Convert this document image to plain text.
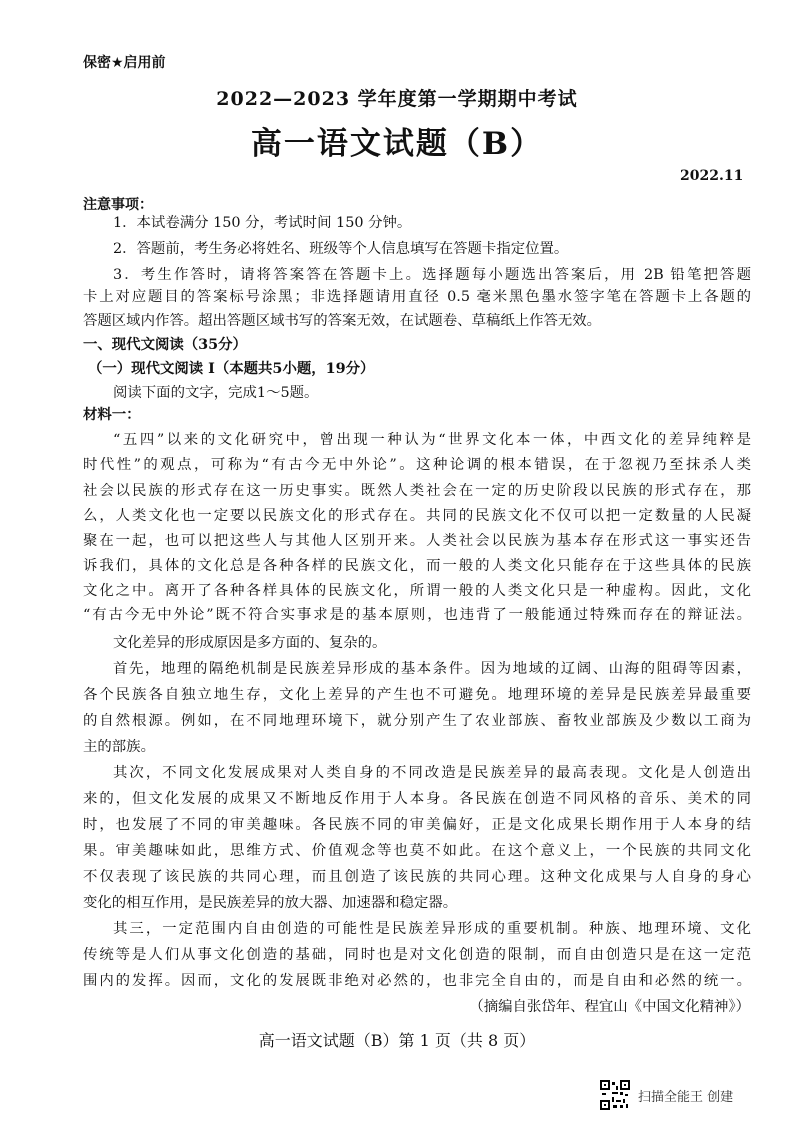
保密★启用前
2022—2023 学年度第一学期期中考试
高一语文试题（B）
2022.11
注意事项：
1．本试卷满分 150 分，考试时间 150 分钟。
2．答题前，考生务必将姓名、班级等个人信息填写在答题卡指定位置。
3．考生作答时，请将答案答在答题卡上。选择题每小题选出答案后，用 2B 铅笔把答题
卡上对应题目的答案标号涂黑；非选择题请用直径 0.5 毫米黑色墨水签字笔在答题卡上各题的
答题区域内作答。超出答题区域书写的答案无效，在试题卷、草稿纸上作答无效。
一、现代文阅读（35分）
（一）现代文阅读 I（本题共5小题，19分）
阅读下面的文字，完成1～5题。
材料一：
“五四”以来的文化研究中，曾出现一种认为“世界文化本一体，中西文化的差异纯粹是
时代性”的观点，可称为“有古今无中外论”。这种论调的根本错误，在于忽视乃至抹杀人类
社会以民族的形式存在这一历史事实。既然人类社会在一定的历史阶段以民族的形式存在，那
么，人类文化也一定要以民族文化的形式存在。共同的民族文化不仅可以把一定数量的人民凝
聚在一起，也可以把这些人与其他人区别开来。人类社会以民族为基本存在形式这一事实还告
诉我们，具体的文化总是各种各样的民族文化，而一般的人类文化只能存在于这些具体的民族
文化之中。离开了各种各样具体的民族文化，所谓一般的人类文化只是一种虚构。因此，文化
“有古今无中外论”既不符合实事求是的基本原则，也违背了一般能通过特殊而存在的辩证法。
文化差异的形成原因是多方面的、复杂的。
首先，地理的隔绝机制是民族差异形成的基本条件。因为地域的辽阔、山海的阻碍等因素，
各个民族各自独立地生存，文化上差异的产生也不可避免。地理环境的差异是民族差异最重要
的自然根源。例如，在不同地理环境下，就分别产生了农业部族、畜牧业部族及少数以工商为
主的部族。
其次，不同文化发展成果对人类自身的不同改造是民族差异的最高表现。文化是人创造出
来的，但文化发展的成果又不断地反作用于人本身。各民族在创造不同风格的音乐、美术的同
时，也发展了不同的审美趣味。各民族不同的审美偏好，正是文化成果长期作用于人本身的结
果。审美趣味如此，思维方式、价值观念等也莫不如此。在这个意义上，一个民族的共同文化
不仅表现了该民族的共同心理，而且创造了该民族的共同心理。这种文化成果与人自身的身心
变化的相互作用，是民族差异的放大器、加速器和稳定器。
其三，一定范围内自由创造的可能性是民族差异形成的重要机制。种族、地理环境、文化
传统等是人们从事文化创造的基础，同时也是对文化创造的限制，而自由创造只是在这一定范
围内的发挥。因而，文化的发展既非绝对必然的，也非完全自由的，而是自由和必然的统一。
（摘编自张岱年、程宜山《中国文化精神》）
高一语文试题（B）第 1 页（共 8 页）
扫描全能王 创建
